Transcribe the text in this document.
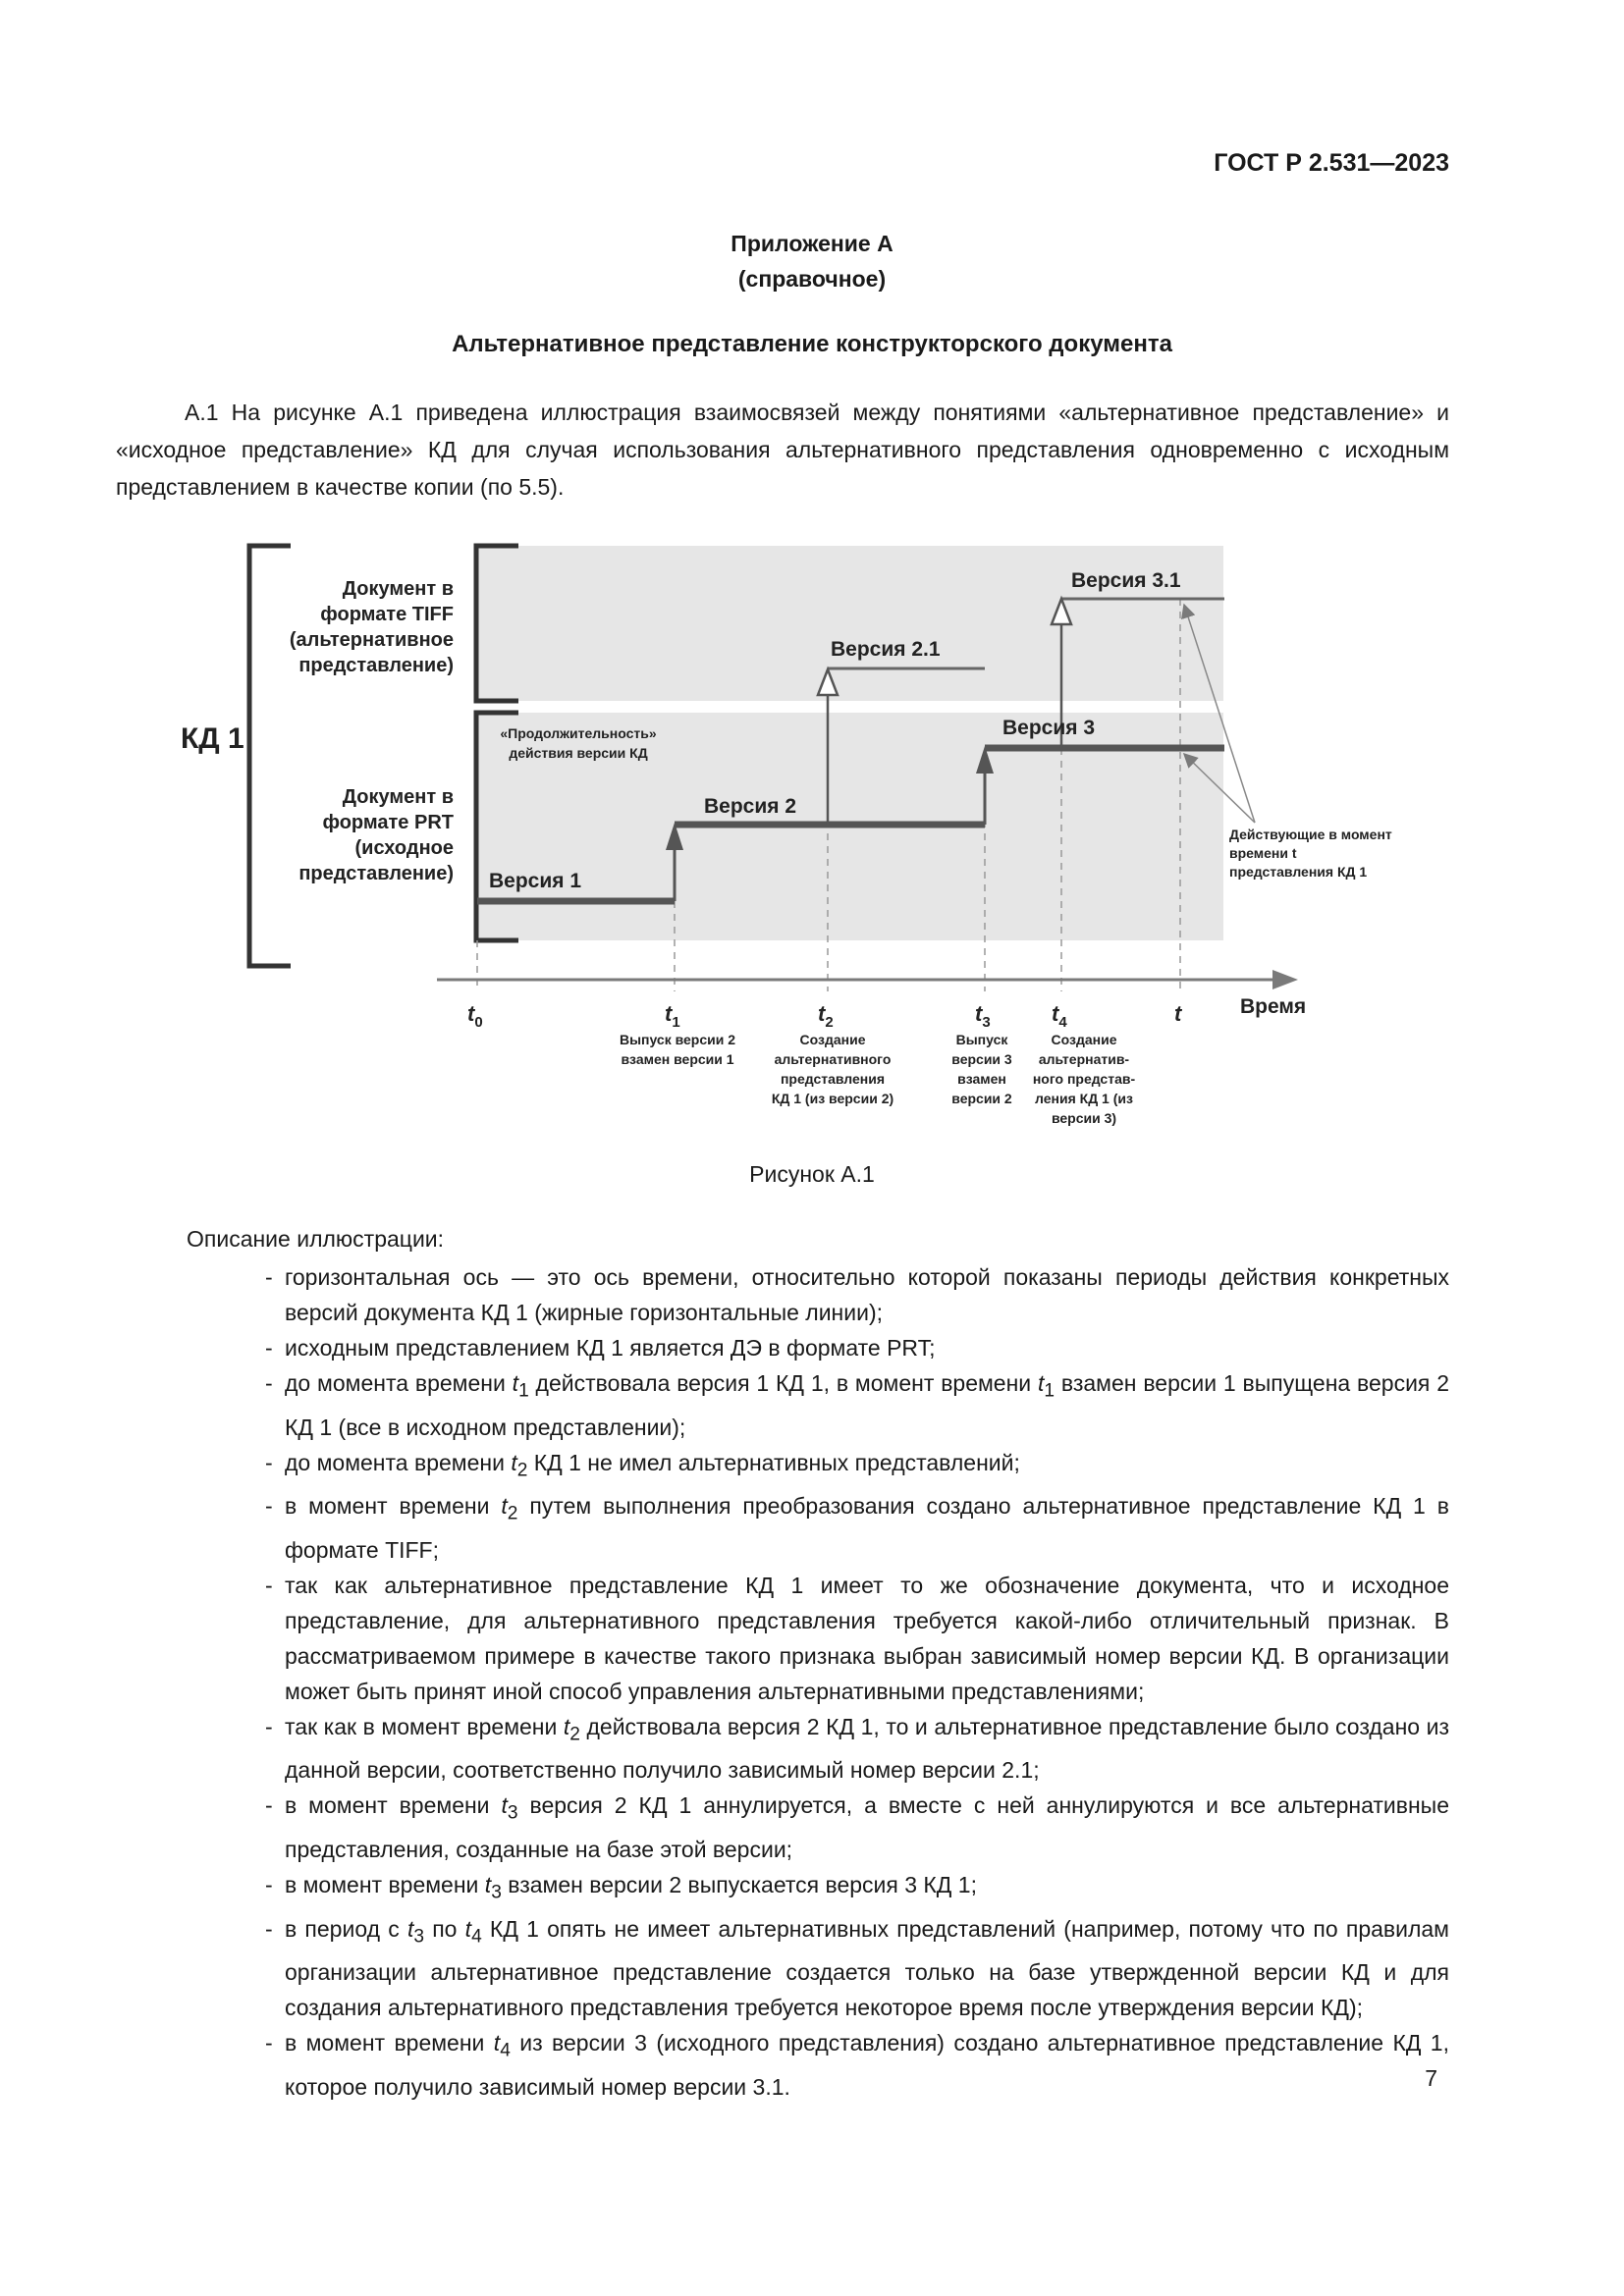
ГОСТ Р 2.531—2023
Приложение А
(справочное)
Альтернативное представление конструкторского документа
А.1 На рисунке А.1 приведена иллюстрация взаимосвязей между понятиями «альтернативное представление» и «исходное представление» КД для случая использования альтернативного представления одновременно с исходным представлением в качестве копии (по 5.5).
КД 1
Документ в
формате TIFF
(альтернативное
представление)
Документ в
формате PRT
(исходное
представление)
«Продолжительность»
действия версии КД
Версия 1
Версия 2
Версия 2.1
Версия 3
Версия 3.1
Действующие в момент
времени t
представления КД 1
Время
$t_0$	$t_1$	$t_2$	$t_3$	$t_4$	t
Выпуск версии 2
взамен версии 1
Создание
альтернативного
представления
КД 1 (из версии 2)
Выпуск
версии 3
взамен
версии 2
Создание
альтернатив-
ного представ-
ления КД 1 (из
версии 3)
Рисунок А.1
Описание иллюстрации:
- горизонтальная ось — это ось времени, относительно которой показаны периоды действия конкретных версий документа КД 1 (жирные горизонтальные линии);
- исходным представлением КД 1 является ДЭ в формате PRT;
- до момента времени $t_1$ действовала версия 1 КД 1, в момент времени $t_1$ взамен версии 1 выпущена версия 2 КД 1 (все в исходном представлении);
- до момента времени $t_2$ КД 1 не имел альтернативных представлений;
- в момент времени $t_2$ путем выполнения преобразования создано альтернативное представление КД 1 в формате TIFF;
- так как альтернативное представление КД 1 имеет то же обозначение документа, что и исходное представление, для альтернативного представления требуется какой-либо отличительный признак. В рассматриваемом примере в качестве такого признака выбран зависимый номер версии КД. В организации может быть принят иной способ управления альтернативными представлениями;
- так как в момент времени $t_2$ действовала версия 2 КД 1, то и альтернативное представление было создано из данной версии, соответственно получило зависимый номер версии 2.1;
- в момент времени $t_3$ версия 2 КД 1 аннулируется, а вместе с ней аннулируются и все альтернативные представления, созданные на базе этой версии;
- в момент времени $t_3$ взамен версии 2 выпускается версия 3 КД 1;
- в период с $t_3$ по $t_4$ КД 1 опять не имеет альтернативных представлений (например, потому что по правилам организации альтернативное представление создается только на базе утвержденной версии КД и для создания альтернативного представления требуется некоторое время после утверждения версии КД);
- в момент времени $t_4$ из версии 3 (исходного представления) создано альтернативное представление КД 1, которое получило зависимый номер версии 3.1.	7
